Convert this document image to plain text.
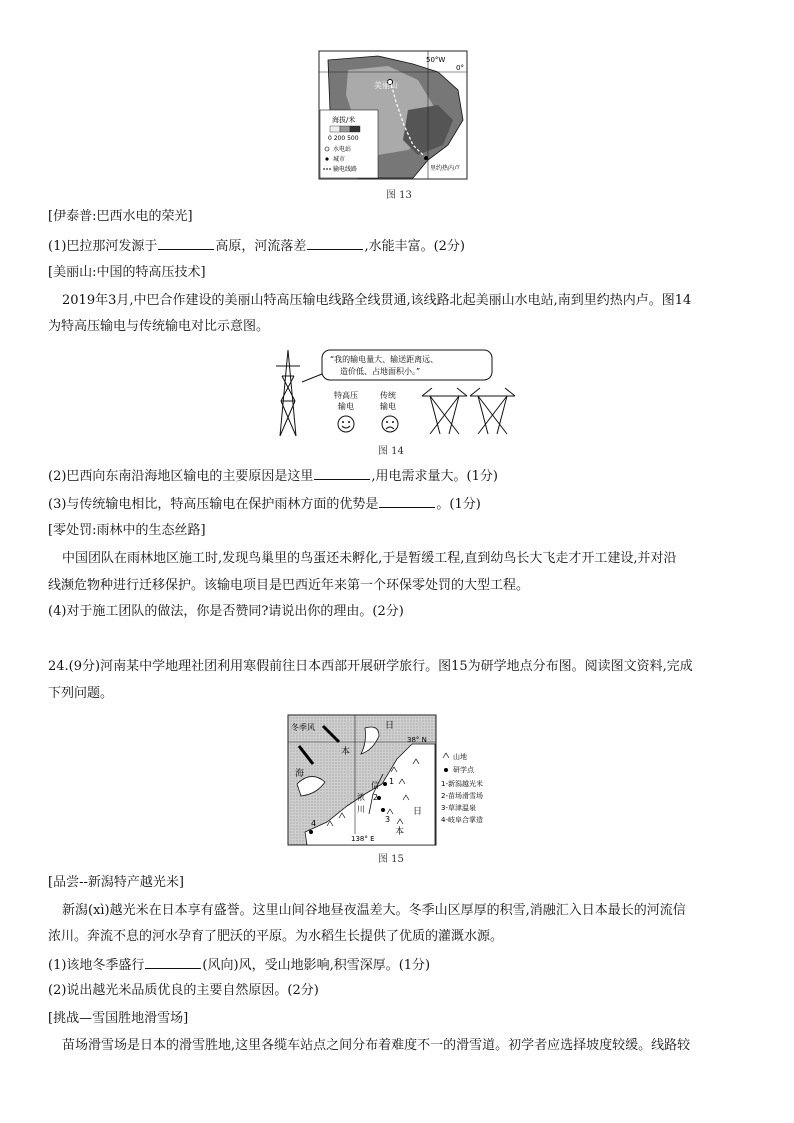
50°W
0°
美丽山
里约热内卢
海拔/米
0 200 500
水电站
城市
输电线路
图 13
[伊泰普:巴西水电的荣光]
(1)巴拉那河发源于	高原，河流落差	,水能丰富。(2分)
[美丽山:中国的特高压技术]
2019年3月,中巴合作建设的美丽山特高压输电线路全线贯通,该线路北起美丽山水电站,南到里约热内卢。图14
为特高压输电与传统输电对比示意图。
“我的输电量大、输送距离远、
造价低、占地面积小。”
特高压
输电
传统
输电
图 14
(2)巴西向东南沿海地区输电的主要原因是这里	,用电需求量大。(1分)
(3)与传统输电相比，特高压输电在保护雨林方面的优势是	。(1分)
[零处罚:雨林中的生态丝路]
中国团队在雨林地区施工时,发现鸟巢里的鸟蛋还未孵化,于是暂缓工程,直到幼鸟长大飞走才开工建设,并对沿
线濒危物种进行迁移保护。该输电项目是巴西近年来第一个环保零处罚的大型工程。
(4)对于施工团队的做法，你是否赞同?请说出你的理由。(2分)
24.(9分)河南某中学地理社团利用寒假前往日本西部开展研学旅行。图15为研学地点分布图。阅读图文资料,完成
下列问题。
冬季风	日
本
海
38° N
138° E
信
浓
川	日
本
1
2
3
4
山地
研学点
1-新潟越光米
2-苗场滑雪场
3-草津温泉
4-岐阜合掌造
图 15
[品尝--新潟特产越光米]
新潟(xì)越光米在日本享有盛誉。这里山间谷地昼夜温差大。冬季山区厚厚的积雪,消融汇入日本最长的河流信
浓川。奔流不息的河水孕育了肥沃的平原。为水稻生长提供了优质的灌溉水源。
(1)该地冬季盛行	(风向)风，受山地影响,积雪深厚。(1分)
(2)说出越光米品质优良的主要自然原因。(2分)
[挑战—雪国胜地滑雪场]
苗场滑雪场是日本的滑雪胜地,这里各缆车站点之间分布着难度不一的滑雪道。初学者应选择坡度较缓。线路较
